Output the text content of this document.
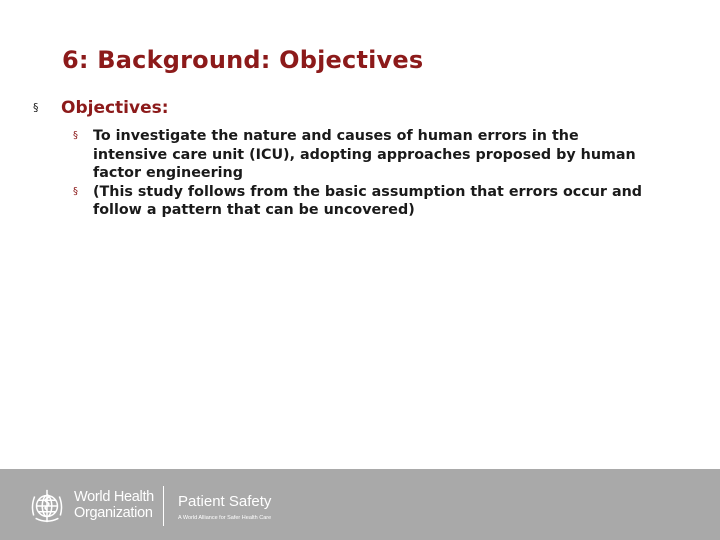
6: Background: Objectives
§	Objectives:
§	To investigate the nature and causes of human errors in the
intensive care unit (ICU), adopting approaches proposed by human
factor engineering
§	(This study follows from the basic assumption that errors occur and
follow a pattern that can be uncovered)
World Health
Organization
Patient Safety
A World Alliance for Safer Health Care
